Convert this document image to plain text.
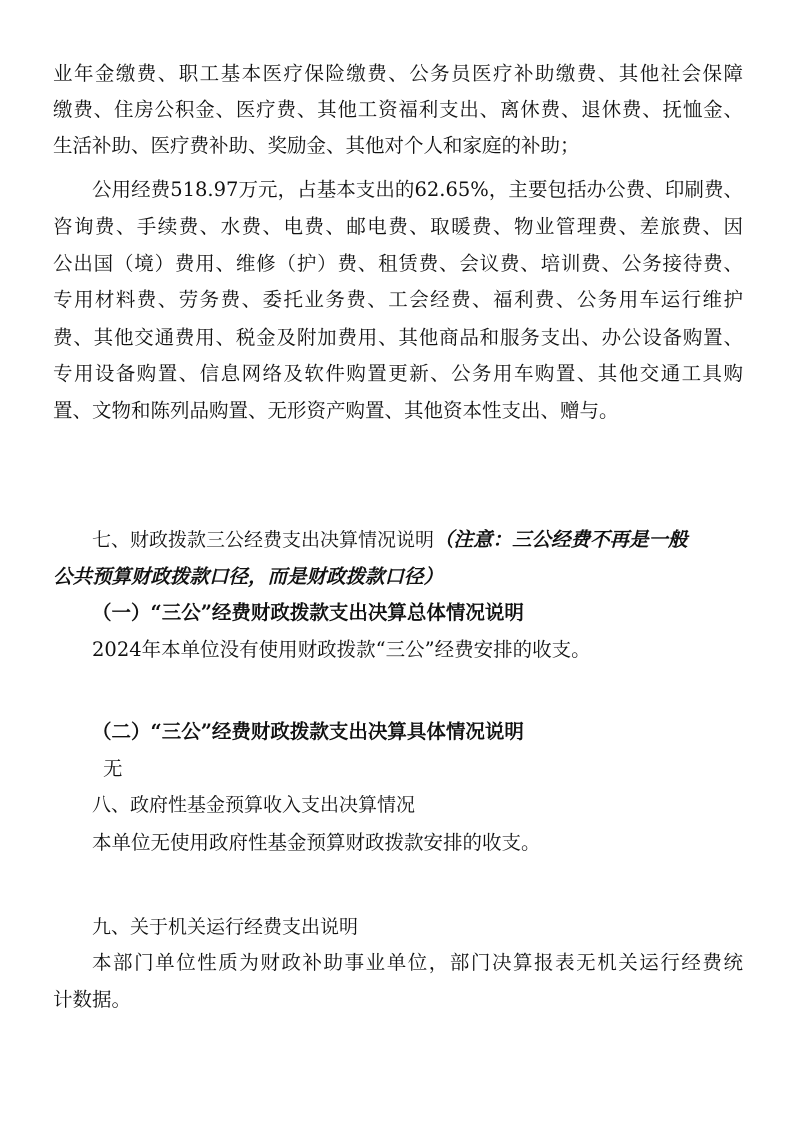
业年金缴费、职工基本医疗保险缴费、公务员医疗补助缴费、其他社会保障
缴费、住房公积金、医疗费、其他工资福利支出、离休费、退休费、抚恤金、
生活补助、医疗费补助、奖励金、其他对个人和家庭的补助；
公用经费518.97万元，占基本支出的62.65%，主要包括办公费、印刷费、
咨询费、手续费、水费、电费、邮电费、取暖费、物业管理费、差旅费、因
公出国（境）费用、维修（护）费、租赁费、会议费、培训费、公务接待费、
专用材料费、劳务费、委托业务费、工会经费、福利费、公务用车运行维护
费、其他交通费用、税金及附加费用、其他商品和服务支出、办公设备购置、
专用设备购置、信息网络及软件购置更新、公务用车购置、其他交通工具购
置、文物和陈列品购置、无形资产购置、其他资本性支出、赠与。
七、财政拨款三公经费支出决算情况说明（注意：三公经费不再是一般
公共预算财政拨款口径，而是财政拨款口径）
（一）“三公”经费财政拨款支出决算总体情况说明
2024年本单位没有使用财政拨款“三公”经费安排的收支。
（二）“三公”经费财政拨款支出决算具体情况说明
无
八、政府性基金预算收入支出决算情况
本单位无使用政府性基金预算财政拨款安排的收支。
九、关于机关运行经费支出说明
本部门单位性质为财政补助事业单位，部门决算报表无机关运行经费统
计数据。
